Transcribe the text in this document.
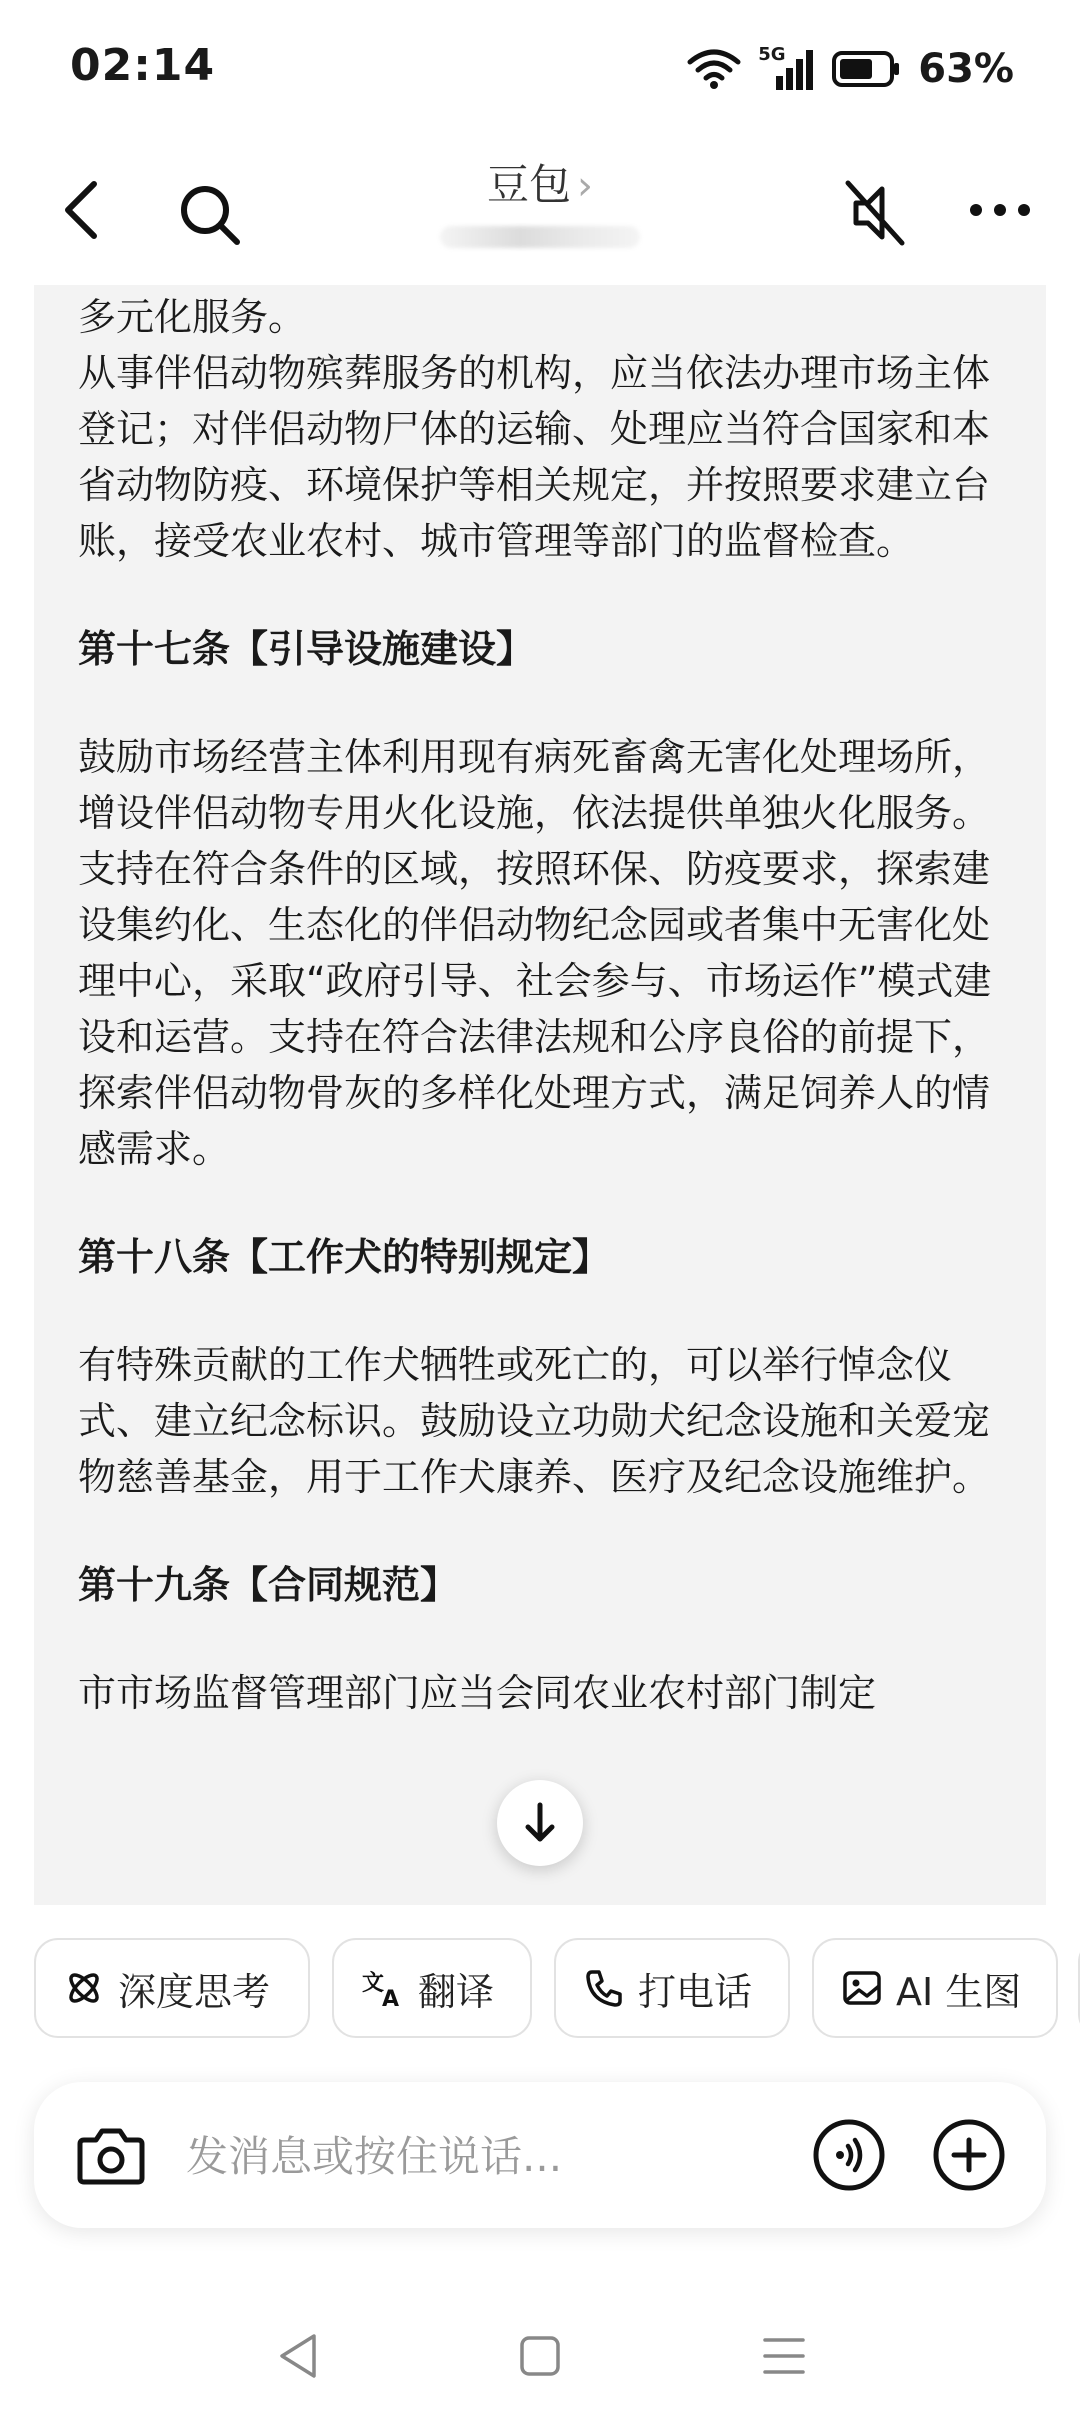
02:14	5G	63%
豆包 ›

多元化服务。
从事伴侣动物殡葬服务的机构，应当依法办理市场主体登记；对伴侣动物尸体的运输、处理应当符合国家和本省动物防疫、环境保护等相关规定，并按照要求建立台账，接受农业农村、城市管理等部门的监督检查。

第十七条【引导设施建设】

鼓励市场经营主体利用现有病死畜禽无害化处理场所，增设伴侣动物专用火化设施，依法提供单独火化服务。
支持在符合条件的区域，按照环保、防疫要求，探索建设集约化、生态化的伴侣动物纪念园或者集中无害化处理中心，采取“政府引导、社会参与、市场运作”模式建设和运营。支持在符合法律法规和公序良俗的前提下，探索伴侣动物骨灰的多样化处理方式，满足饲养人的情感需求。

第十八条【工作犬的特别规定】

有特殊贡献的工作犬牺牲或死亡的，可以举行悼念仪式、建立纪念标识。鼓励设立功勋犬纪念设施和关爱宠物慈善基金，用于工作犬康养、医疗及纪念设施维护。

第十九条【合同规范】

市市场监督管理部门应当会同农业农村部门制定

深度思考	文
A 翻译	打电话	AI 生图
发消息或按住说话...
